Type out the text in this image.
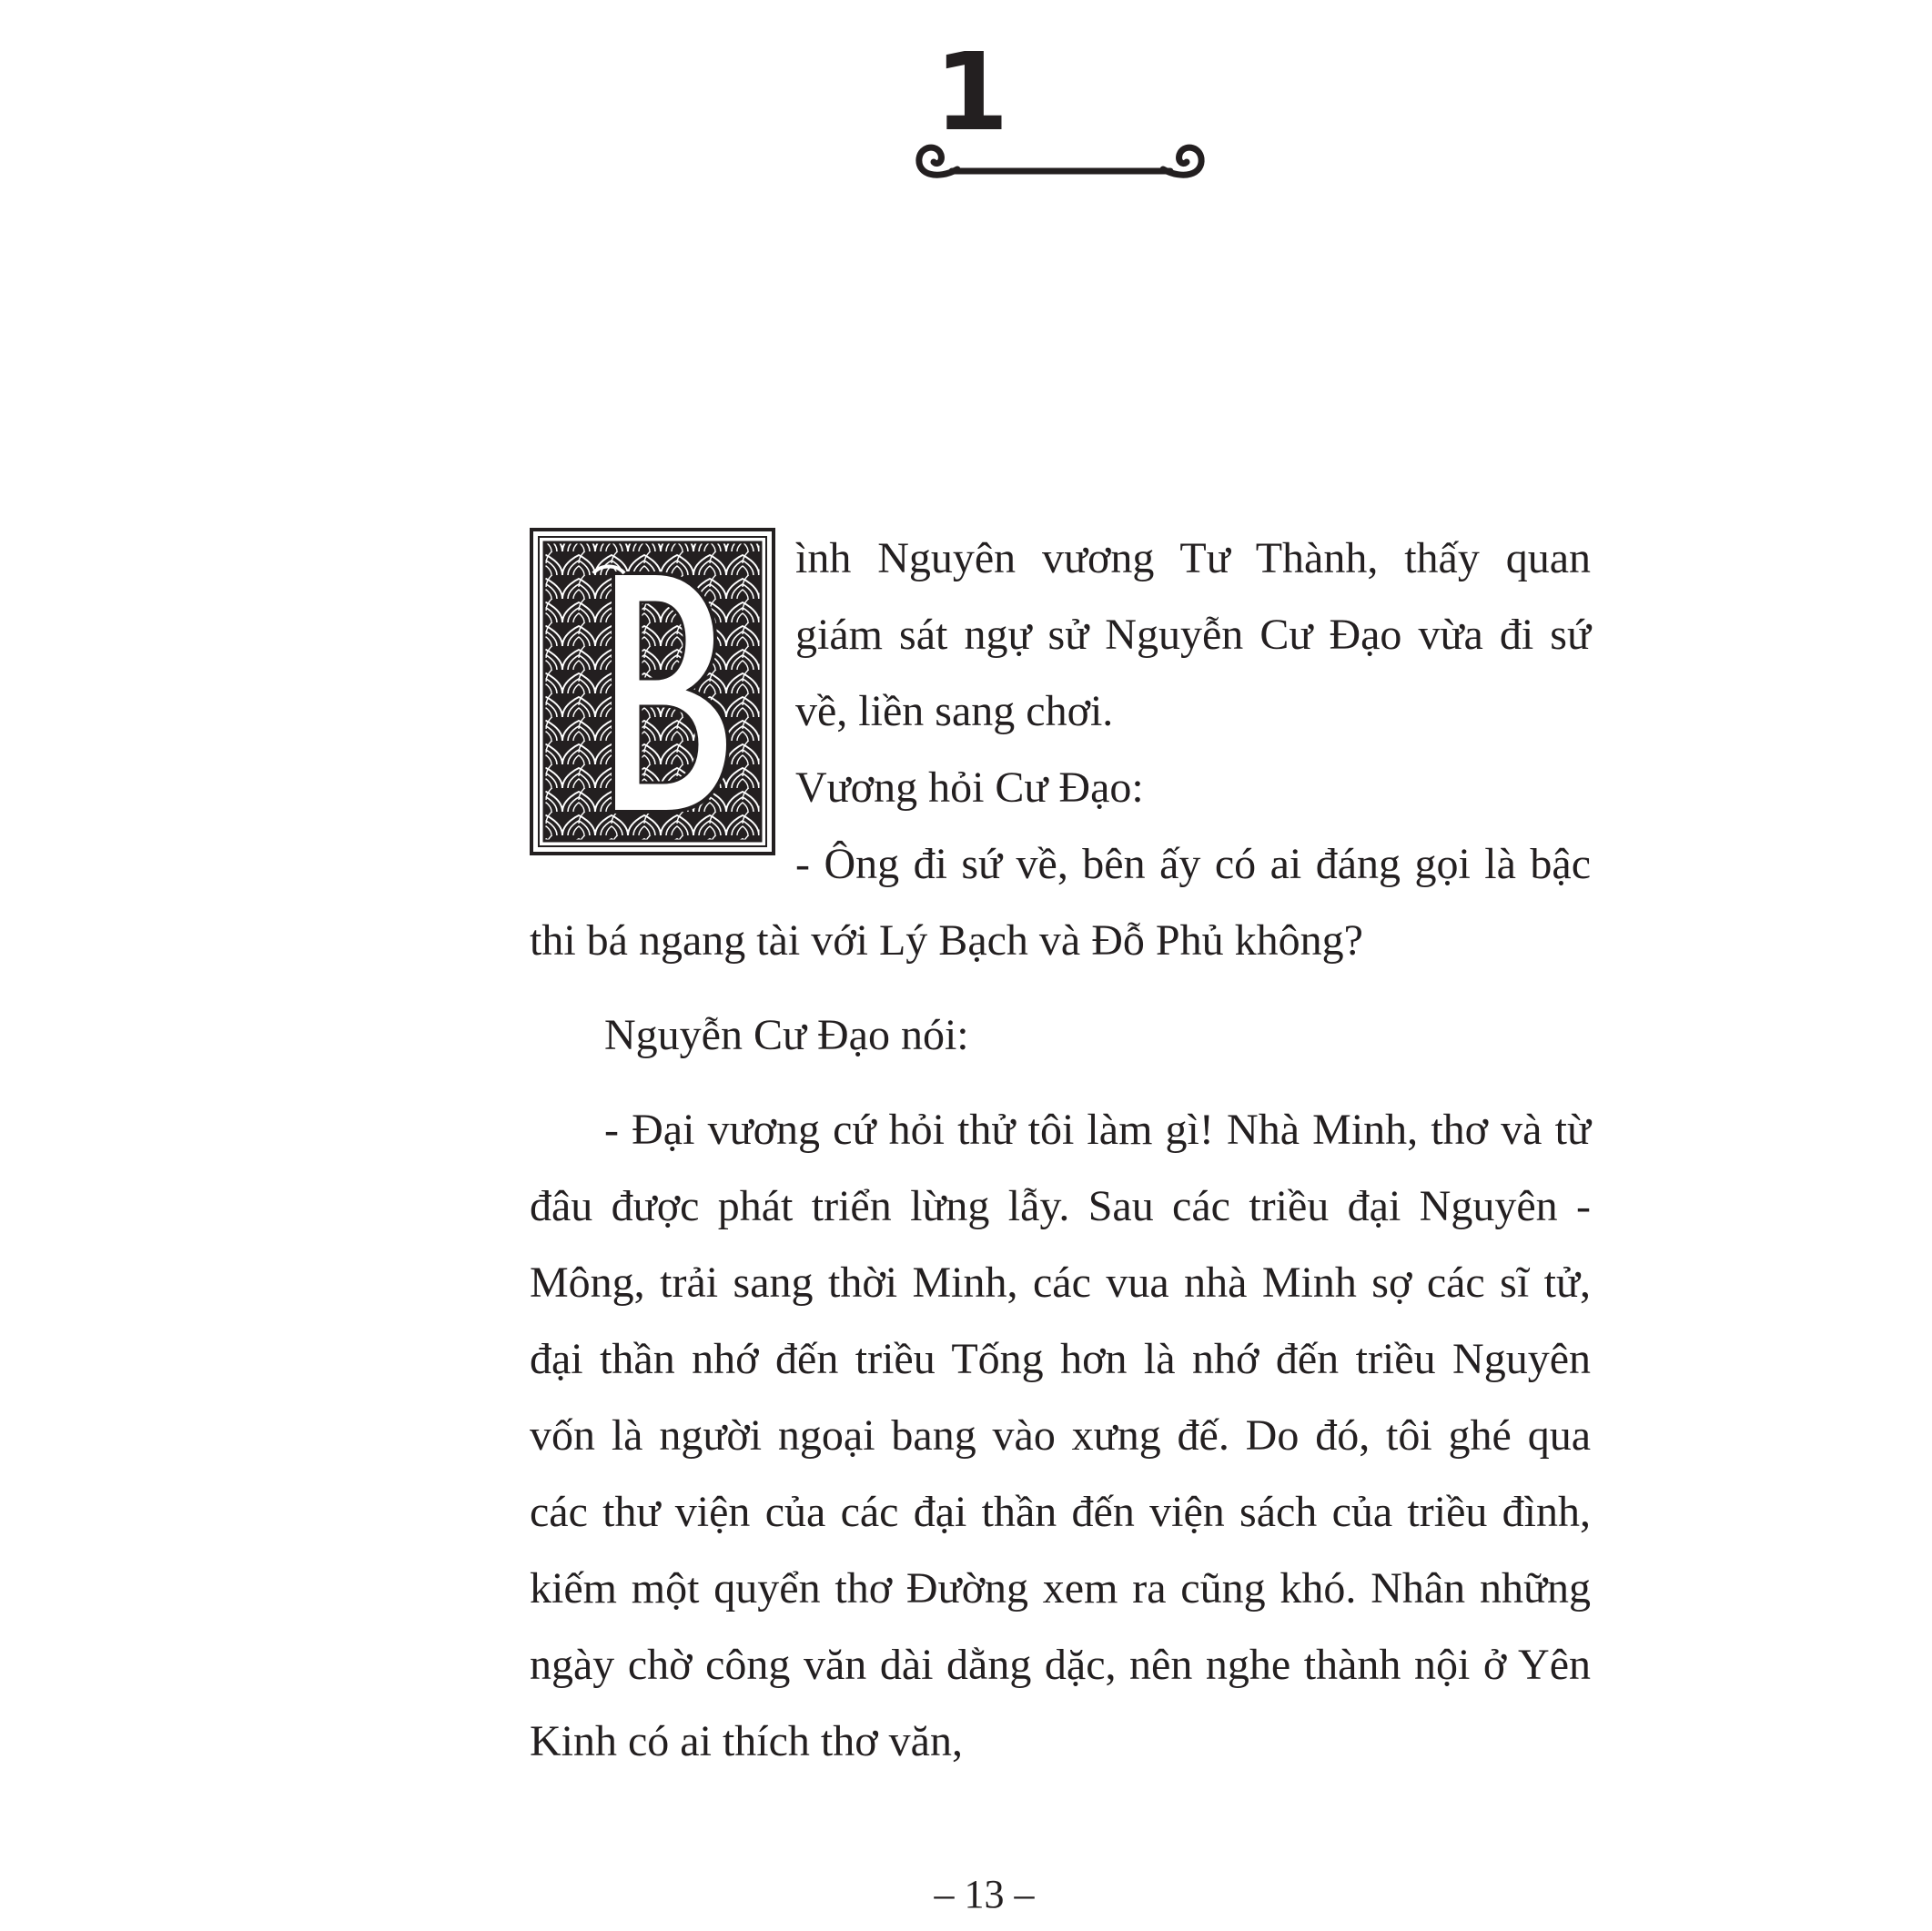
1
ình Nguyên vương Tư Thành, thấy quan
giám sát ngự sử Nguyễn Cư Đạo vừa đi sứ
về, liền sang chơi.
Vương hỏi Cư Đạo:
- Ông đi sứ về, bên ấy có ai đáng gọi là bậc

thi bá ngang tài với Lý Bạch và Đỗ Phủ không?

Nguyễn Cư Đạo nói:

- Đại vương cứ hỏi thử tôi làm gì! Nhà Minh, thơ và từ đâu được phát triển lừng lẫy. Sau các triều đại Nguyên - Mông, trải sang thời Minh, các vua nhà Minh sợ các sĩ tử, đại thần nhớ đến triều Tống hơn là nhớ đến triều Nguyên vốn là người ngoại bang vào xưng đế. Do đó, tôi ghé qua các thư viện của các đại thần đến viện sách của triều đình, kiếm một quyển thơ Đường xem ra cũng khó. Nhân những ngày chờ công văn dài dằng dặc, nên nghe thành nội ở Yên Kinh có ai thích thơ văn,

– 13 –
